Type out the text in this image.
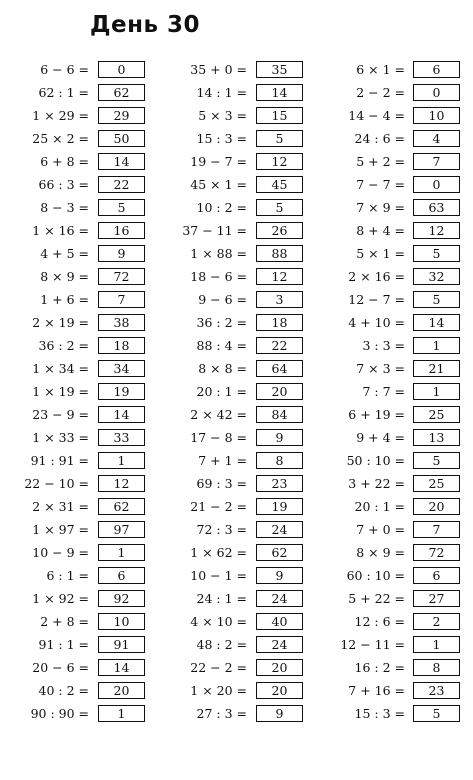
День 30
6 − 6 =	0
62 : 1 =	62
1 × 29 =	29
25 × 2 =	50
6 + 8 =	14
66 : 3 =	22
8 − 3 =	5
1 × 16 =	16
4 + 5 =	9
8 × 9 =	72
1 + 6 =	7
2 × 19 =	38
36 : 2 =	18
1 × 34 =	34
1 × 19 =	19
23 − 9 =	14
1 × 33 =	33
91 : 91 =	1
22 − 10 =	12
2 × 31 =	62
1 × 97 =	97
10 − 9 =	1
6 : 1 =	6
1 × 92 =	92
2 + 8 =	10
91 : 1 =	91
20 − 6 =	14
40 : 2 =	20
90 : 90 =	1
35 + 0 =	35
14 : 1 =	14
5 × 3 =	15
15 : 3 =	5
19 − 7 =	12
45 × 1 =	45
10 : 2 =	5
37 − 11 =	26
1 × 88 =	88
18 − 6 =	12
9 − 6 =	3
36 : 2 =	18
88 : 4 =	22
8 × 8 =	64
20 : 1 =	20
2 × 42 =	84
17 − 8 =	9
7 + 1 =	8
69 : 3 =	23
21 − 2 =	19
72 : 3 =	24
1 × 62 =	62
10 − 1 =	9
24 : 1 =	24
4 × 10 =	40
48 : 2 =	24
22 − 2 =	20
1 × 20 =	20
27 : 3 =	9
6 × 1 =	6
2 − 2 =	0
14 − 4 =	10
24 : 6 =	4
5 + 2 =	7
7 − 7 =	0
7 × 9 =	63
8 + 4 =	12
5 × 1 =	5
2 × 16 =	32
12 − 7 =	5
4 + 10 =	14
3 : 3 =	1
7 × 3 =	21
7 : 7 =	1
6 + 19 =	25
9 + 4 =	13
50 : 10 =	5
3 + 22 =	25
20 : 1 =	20
7 + 0 =	7
8 × 9 =	72
60 : 10 =	6
5 + 22 =	27
12 : 6 =	2
12 − 11 =	1
16 : 2 =	8
7 + 16 =	23
15 : 3 =	5
